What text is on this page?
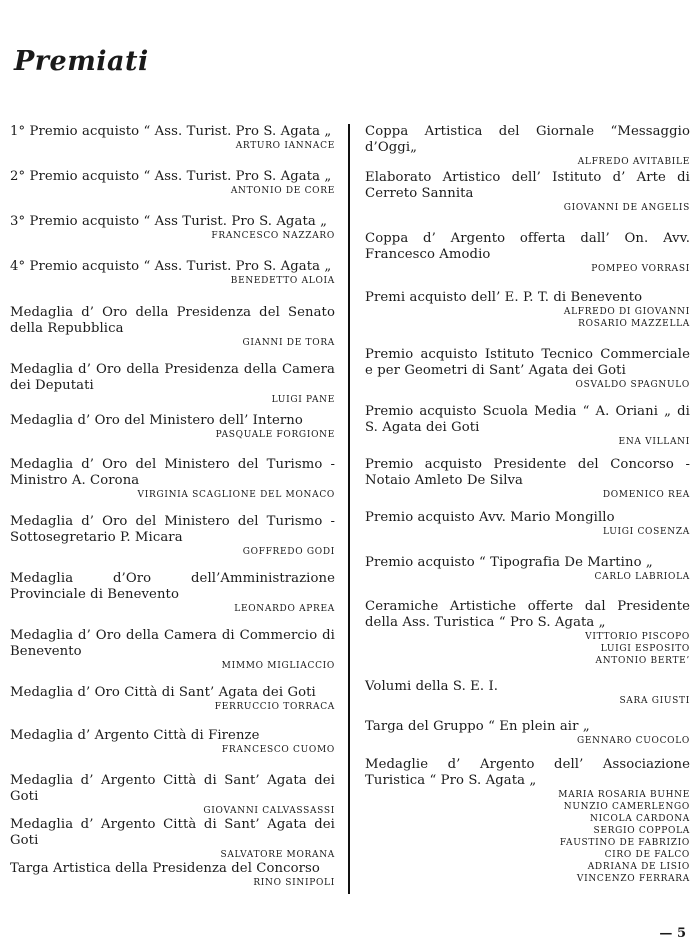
Premiati
1° Premio acquisto “ Ass. Turist. Pro S. Agata „
ARTURO IANNACE
2° Premio acquisto “ Ass. Turist. Pro S. Agata „
ANTONIO DE CORE
3° Premio acquisto “ Ass Turist. Pro S. Agata „
FRANCESCO NAZZARO
4° Premio acquisto “ Ass. Turist. Pro S. Agata „
BENEDETTO ALOIA
Medaglia d’ Oro della Presidenza del Senato della Repubblica
GIANNI DE TORA
Medaglia d’ Oro della Presidenza della Camera dei Deputati
LUIGI PANE
Medaglia d’ Oro del Ministero dell’ Interno
PASQUALE FORGIONE
Medaglia d’ Oro del Ministero del Turismo - Ministro A. Corona
VIRGINIA SCAGLIONE DEL MONACO
Medaglia d’ Oro del Ministero del Turismo - Sottosegretario P. Micara
GOFFREDO GODI
Medaglia d’Oro dell’Amministrazione Provinciale di Benevento
LEONARDO APREA
Medaglia d’ Oro della Camera di Commercio di Benevento
MIMMO MIGLIACCIO
Medaglia d’ Oro Città di Sant’ Agata dei Goti
FERRUCCIO TORRACA
Medaglia d’ Argento Città di Firenze
FRANCESCO CUOMO
Medaglia d’ Argento Città di Sant’ Agata dei Goti
GIOVANNI CALVASSASSI
Medaglia d’ Argento Città di Sant’ Agata dei Goti
SALVATORE MORANA
Targa Artistica della Presidenza del Concorso
RINO SINIPOLI
Coppa Artistica del Giornale “Messaggio d’Oggi„
ALFREDO AVITABILE
Elaborato Artistico dell’ Istituto d’ Arte di Cerreto Sannita
GIOVANNI DE ANGELIS
Coppa d’ Argento offerta dall’ On. Avv. Francesco Amodio
POMPEO VORRASI
Premi acquisto dell’ E. P. T. di Benevento
ALFREDO DI GIOVANNI
ROSARIO MAZZELLA
Premio acquisto Istituto Tecnico Commerciale e per Geometri di Sant’ Agata dei Goti
OSVALDO SPAGNULO
Premio acquisto Scuola Media “ A. Oriani „ di S. Agata dei Goti
ENA VILLANI
Premio acquisto Presidente del Concorso - Notaio Amleto De Silva
DOMENICO REA
Premio acquisto Avv. Mario Mongillo
LUIGI COSENZA
Premio acquisto “ Tipografia De Martino „
CARLO LABRIOLA
Ceramiche Artistiche offerte dal Presidente della Ass. Turistica “ Pro S. Agata „
VITTORIO PISCOPO
LUIGI ESPOSITO
ANTONIO BERTE’
Volumi della S. E. I.
SARA GIUSTI
Targa del Gruppo “ En plein air „
GENNARO CUOCOLO
Medaglie d’ Argento dell’ Associazione Turistica “ Pro S. Agata „
MARIA ROSARIA BUHNE
NUNZIO CAMERLENGO
NICOLA CARDONA
SERGIO COPPOLA
FAUSTINO DE FABRIZIO
CIRO DE FALCO
ADRIANA DE LISIO
VINCENZO FERRARA
— 5
